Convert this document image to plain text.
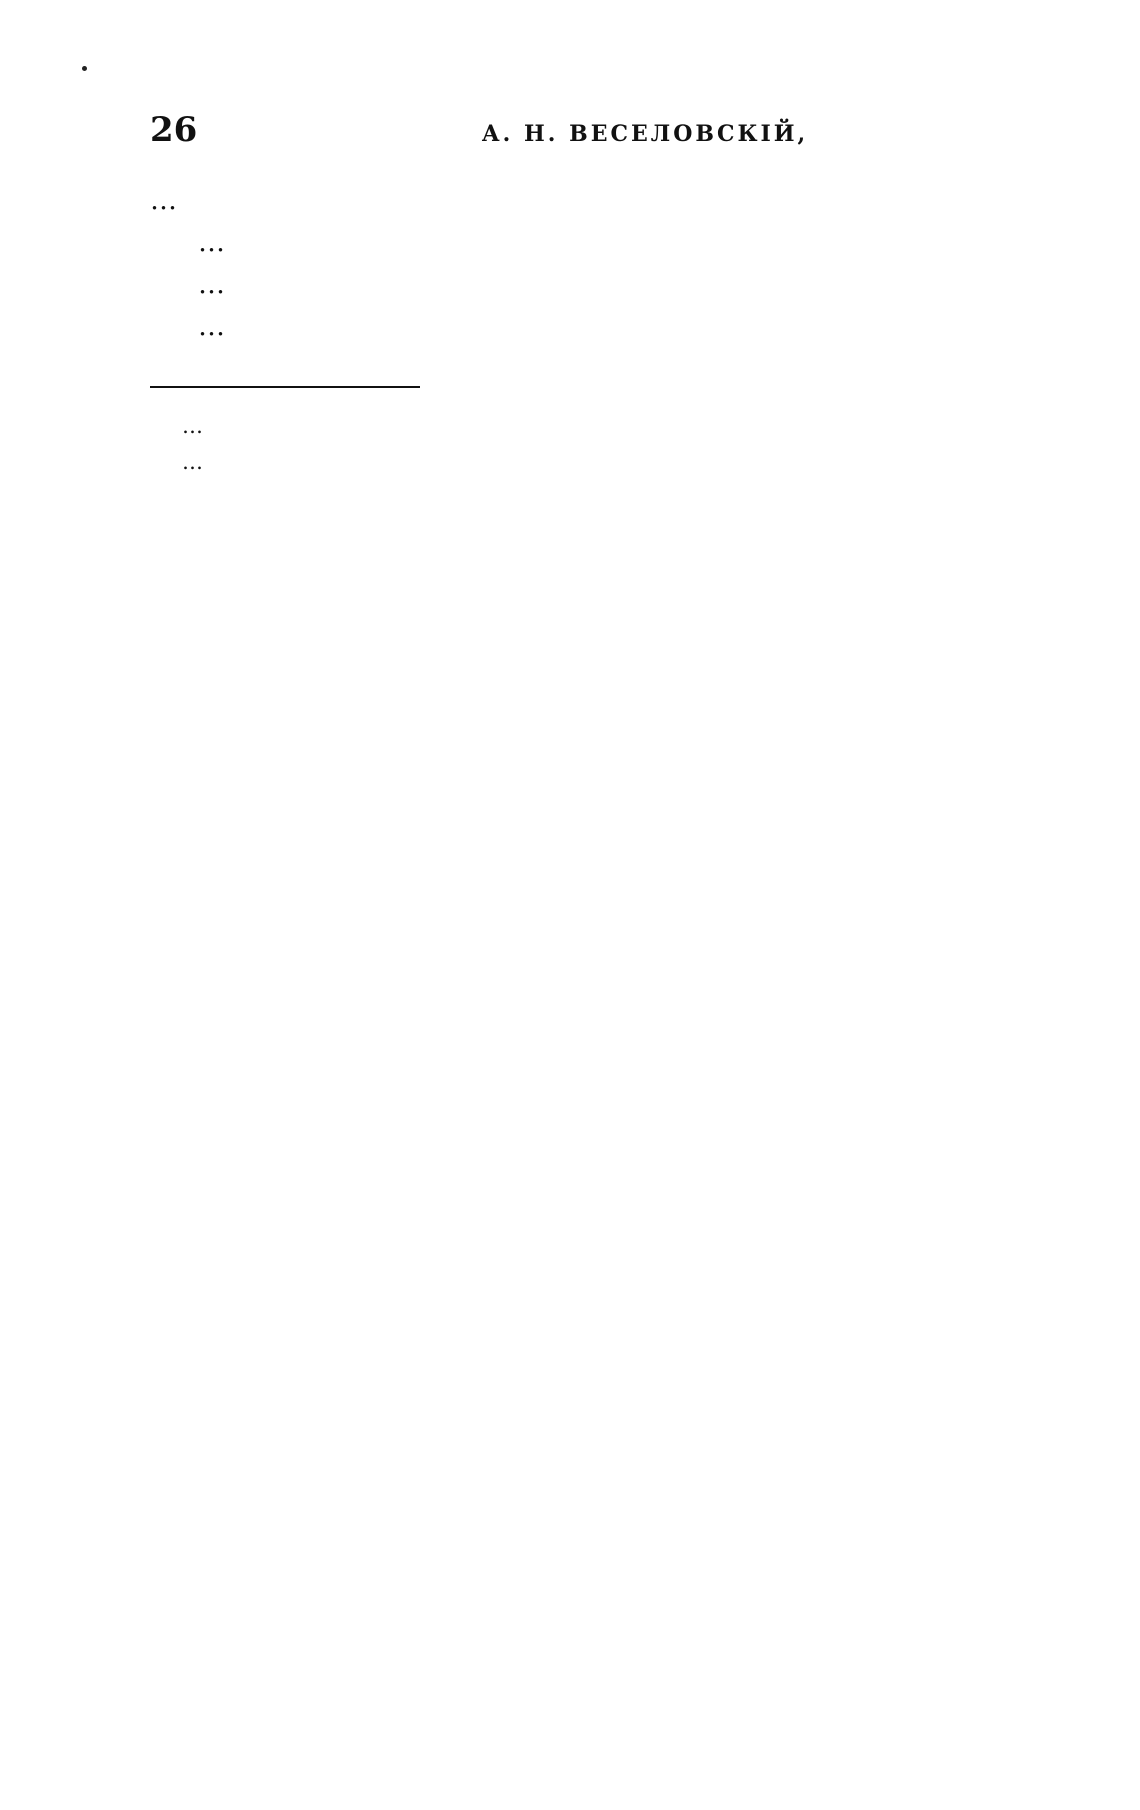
26	А. Н. ВЕСЕЛОВСКІЙ,

…

…

…

…

…

…
